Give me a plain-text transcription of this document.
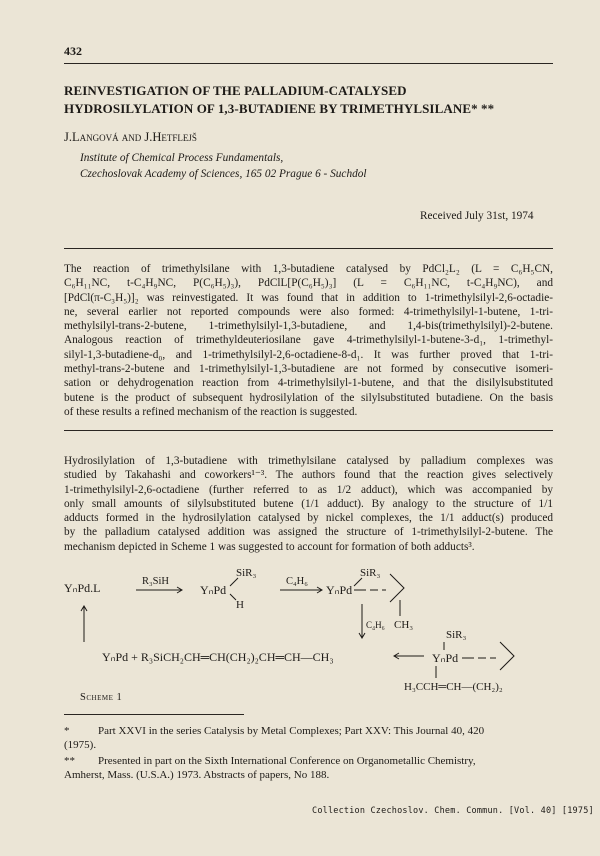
432
REINVESTIGATION OF THE PALLADIUM-CATALYSED
HYDROSILYLATION OF 1,3-BUTADIENE BY TRIMETHYLSILANE* **
J.Langová and J.Hetflejš
Institute of Chemical Process Fundamentals,
Czechoslovak Academy of Sciences, 165 02 Prague 6 - Suchdol
Received July 31st, 1974
The reaction of trimethylsilane with 1,3-butadiene catalysed by PdCl₂L₂ (L = C₆H₅CN,
C₆H₁₁NC, t-C₄H₉NC, P(C₆H₅)₃), PdClL[P(C₆H₅)₃] (L = C₆H₁₁NC, t-C₄H₉NC), and
[PdCl(π-C₃H₅)]₂ was reinvestigated. It was found that in addition to 1-trimethylsilyl-2,6-octadie-
ne, several earlier not reported compounds were also formed: 4-trimethylsilyl-1-butene, 1-tri-
methylsilyl-trans-2-butene, 1-trimethylsilyl-1,3-butadiene, and 1,4-bis(trimethylsilyl)-2-butene.
Analogous reaction of trimethyldeuteriosilane gave 4-trimethylsilyl-1-butene-3-d₁, 1-trimethyl-
silyl-1,3-butadiene-d₀, and 1-trimethylsilyl-2,6-octadiene-8-d₁. It was further proved that 1-tri-
methyl-trans-2-butene and 1-trimethylsilyl-1,3-butadiene are not formed by consecutive isomeri-
sation or dehydrogenation reaction from 4-trimethylsilyl-1-butene, and that the disilylsubstituted
butene is the product of subsequent hydrosilylation of the silylsubstituted butadiene. On the basis
of these results a refined mechanism of the reaction is suggested.
Hydrosilylation of 1,3-butadiene with trimethylsilane catalysed by palladium complexes was
studied by Takahashi and coworkers¹⁻³. The authors found that the reaction gives selectively
1-trimethylsilyl-2,6-octadiene (further referred to as 1/2 adduct), which was accompanied by
only small amounts of silylsubstituted butene (1/1 adduct). By analogy to the structure of 1/1
adducts formed in the hydrosilylation catalysed by nickel complexes, the 1/1 adduct(s) produced
by the palladium catalysed addition was assigned the structure of 1-trimethylsilyl-2-butene. The
mechanism depicted in Scheme 1 was suggested to account for formation of both adducts³.
YₙPd.L	R₃SiH
YₙPd
SiR₃
H
C₄H₆
YₙPd
SiR₃
C₄H₆ CH₃
YₙPd + R₃SiCH₂CH═CH(CH₂)₂CH═CH—CH₃
SiR₃
YₙPd
H₃CCH═CH—(CH₂)₂
Scheme 1
*	Part XXVI in the series Catalysis by Metal Complexes; Part XXV: This Journal 40, 420
(1975).
** Presented in part on the Sixth International Conference on Organometallic Chemistry,
Amherst, Mass. (U.S.A.) 1973. Abstracts of papers, No 188.
Collection Czechoslov. Chem. Commun. [Vol. 40] [1975]
